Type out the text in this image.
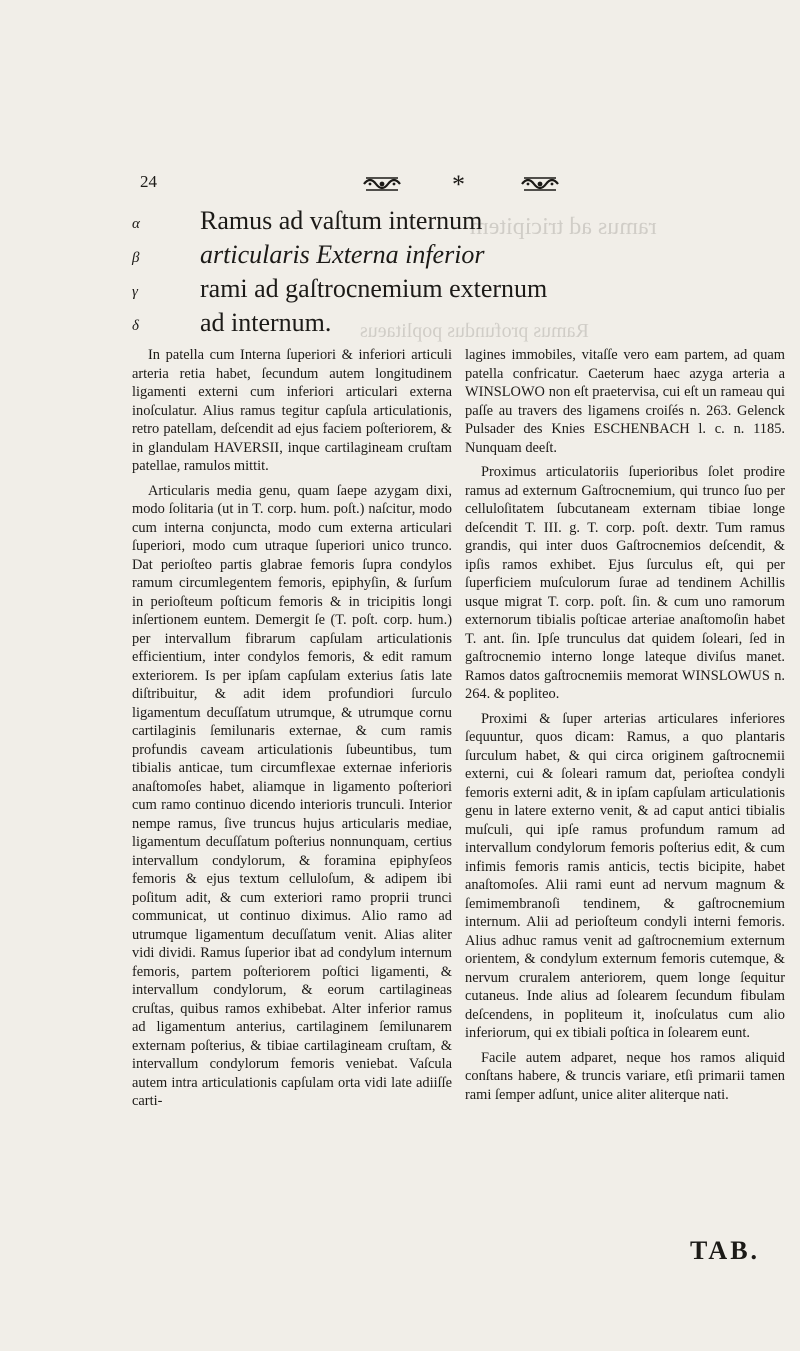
ramus ad tricipitem
Ramus profundus poplitaeus
24	*
α	Ramus ad vaſtum internum
β	articularis Externa inferior
γ	rami ad gaſtrocnemium externum
δ	ad internum.

In patella cum Interna ſuperiori & inferiori articuli arteria retia habet, ſecundum autem longitudinem ligamenti externi cum inferiori articulari externa inoſculatur. Alius ramus tegitur capſula articulationis, retro patellam, deſcendit ad ejus faciem poſteriorem, & in glandulam HAVERSII, inque cartilagineam cruſtam patellae, ramulos mittit.

Articularis media genu, quam ſaepe azygam dixi, modo ſolitaria (ut in T. corp. hum. poſt.) naſcitur, modo cum interna conjuncta, modo cum externa articulari ſuperiori, modo cum utraque ſuperiori unico trunco. Dat perioſteo partis glabrae femoris ſupra condylos ramum circumlegentem femoris, epiphyſin, & ſurſum in perioſteum poſticum femoris & in tricipitis longi inſertionem euntem. Demergit ſe (T. poſt. corp. hum.) per intervallum fibrarum capſulam articulationis efficientium, inter condylos femoris, & edit ramum exteriorem. Is per ipſam capſulam exterius ſatis late diſtribuitur, & adit idem profundiori ſurculo ligamentum decuſſatum utrumque, & utrumque cornu cartilaginis ſemilunaris externae, & cum ramis profundis caveam articulationis ſubeuntibus, tum tibialis anticae, tum circumflexae externae inferioris anaſtomoſes habet, aliamque in ligamento poſteriori cum ramo continuo dicendo interioris trunculi. Interior nempe ramus, ſive truncus hujus articularis mediae, ligamentum decuſſatum poſterius nonnunquam, certius intervallum condylorum, & foramina epiphyſeos femoris & ejus textum celluloſum, & adipem ibi poſitum adit, & cum exteriori ramo proprii trunci communicat, ut continuo diximus. Alio ramo ad utrumque ligamentum decuſſatum venit. Alias aliter vidi dividi. Ramus ſuperior ibat ad condylum internum femoris, partem poſteriorem poſtici ligamenti, & intervallum condylorum, & eorum cartilagineas cruſtas, quibus ramos exhibebat. Alter inferior ramus ad ligamentum anterius, cartilaginem ſemilunarem externam poſterius, & tibiae cartilagineam cruſtam, & intervallum condylorum femoris veniebat. Vaſcula autem intra articulationis capſulam orta vidi late adiiſſe carti-

lagines immobiles, vitaſſe vero eam partem, ad quam patella confricatur. Caeterum haec azyga arteria a WINSLOWO non eſt praetervisa, cui eſt un rameau qui paſſe au travers des ligamens croiſés n. 263. Gelenck Pulsader des Knies ESCHENBACH l. c. n. 1185. Nunquam deeſt.

Proximus articulatoriis ſuperioribus ſolet prodire ramus ad externum Gaſtrocnemium, qui trunco ſuo per celluloſitatem ſubcutaneam externam tibiae longe deſcendit T. III. g. T. corp. poſt. dextr. Tum ramus grandis, qui inter duos Gaſtrocnemios deſcendit, & ipſis ramos exhibet. Ejus ſurculus eſt, qui per ſuperficiem muſculorum ſurae ad tendinem Achillis usque migrat T. corp. poſt. ſin. & cum uno ramorum externorum tibialis poſticae arteriae anaſtomoſin habet T. ant. ſin. Ipſe trunculus dat quidem ſoleari, ſed in gaſtrocnemio interno longe lateque diviſus manet. Ramos datos gaſtrocnemiis memorat WINSLOWUS n. 264. & poplitео.

Proximi & ſuper arterias articulares inferiores ſequuntur, quos dicam: Ramus, a quo plantaris ſurculum habet, & qui circa originem gaſtrocnemii externi, cui & ſoleari ramum dat, perioſtea condyli femoris externi adit, & in ipſam capſulam articulationis genu in latere externo venit, & ad caput antici tibialis muſculi, qui ipſe ramus profundum ramum ad intervallum condylorum femoris poſterius edit, & cum infimis femoris ramis anticis, tectis bicipite, habet anaſtomoſes. Alii rami eunt ad nervum magnum & ſemimembranoſi tendinem, & gaſtrocnemium internum. Alii ad perioſteum condyli interni femoris. Alius adhuc ramus venit ad gaſtrocnemium externum orientem, & condylum externum femoris cutemque, & nervum cruralem anteriorem, quem longe ſequitur cutaneus. Inde alius ad ſolearem ſecundum fibulam deſcendens, in popliteum it, inoſculatus cum alio inferiorum, qui ex tibiali poſtica in ſolearem eunt.

Facile autem adparet, neque hos ramos aliquid conſtans habere, & truncis variare, etſi primarii tamen rami ſemper adſunt, unice aliter aliterque nati.

TAB.
